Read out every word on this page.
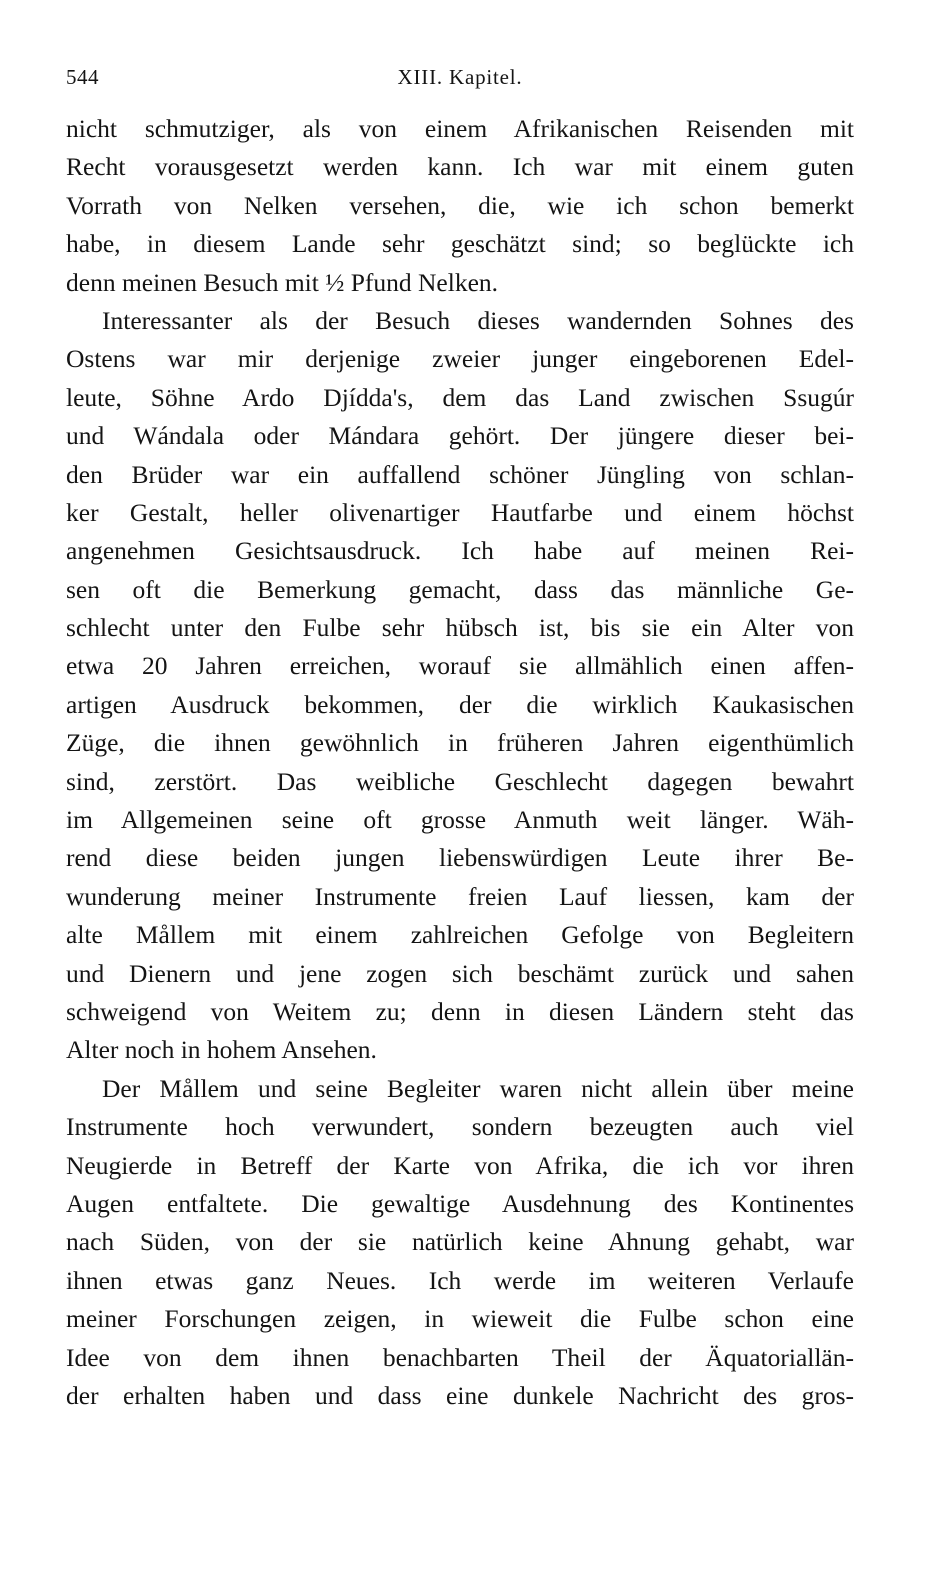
544	XIII. Kapitel.
nicht schmutziger, als von einem Afrikanischen Reisenden mit
Recht vorausgesetzt werden kann. Ich war mit einem guten
Vorrath von Nelken versehen, die, wie ich schon bemerkt
habe, in diesem Lande sehr geschätzt sind; so beglückte ich
denn meinen Besuch mit ½ Pfund Nelken.
Interessanter als der Besuch dieses wandernden Sohnes des
Ostens war mir derjenige zweier junger eingeborenen Edel-
leute, Söhne Ardo Djídda's, dem das Land zwischen Ssugúr
und Wándala oder Mándara gehört. Der jüngere dieser bei-
den Brüder war ein auffallend schöner Jüngling von schlan-
ker Gestalt, heller olivenartiger Hautfarbe und einem höchst
angenehmen Gesichtsausdruck. Ich habe auf meinen Rei-
sen oft die Bemerkung gemacht, dass das männliche Ge-
schlecht unter den Fulbe sehr hübsch ist, bis sie ein Alter von
etwa 20 Jahren erreichen, worauf sie allmählich einen affen-
artigen Ausdruck bekommen, der die wirklich Kaukasischen
Züge, die ihnen gewöhnlich in früheren Jahren eigenthümlich
sind, zerstört. Das weibliche Geschlecht dagegen bewahrt
im Allgemeinen seine oft grosse Anmuth weit länger. Wäh-
rend diese beiden jungen liebenswürdigen Leute ihrer Be-
wunderung meiner Instrumente freien Lauf liessen, kam der
alte Mållem mit einem zahlreichen Gefolge von Begleitern
und Dienern und jene zogen sich beschämt zurück und sahen
schweigend von Weitem zu; denn in diesen Ländern steht das
Alter noch in hohem Ansehen.
Der Mållem und seine Begleiter waren nicht allein über meine
Instrumente hoch verwundert, sondern bezeugten auch viel
Neugierde in Betreff der Karte von Afrika, die ich vor ihren
Augen entfaltete. Die gewaltige Ausdehnung des Kontinentes
nach Süden, von der sie natürlich keine Ahnung gehabt, war
ihnen etwas ganz Neues. Ich werde im weiteren Verlaufe
meiner Forschungen zeigen, in wieweit die Fulbe schon eine
Idee von dem ihnen benachbarten Theil der Äquatoriallän-
der erhalten haben und dass eine dunkele Nachricht des gros-
